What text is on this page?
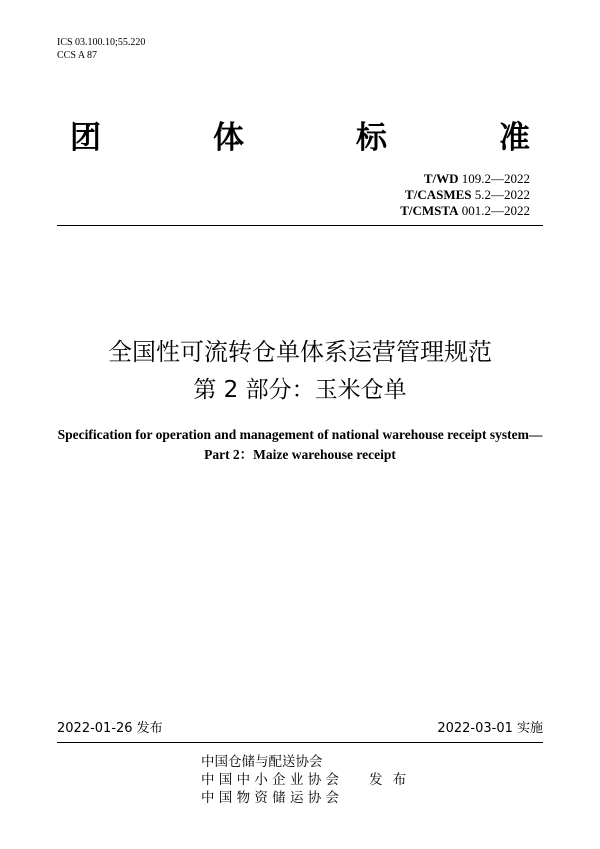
ICS 03.100.10;55.220
CCS A 87
团	体	标	准
T/WD 109.2—2022
T/CASMES 5.2—2022
T/CMSTA 001.2—2022
全国性可流转仓单体系运营管理规范
第 2 部分：玉米仓单
Specification for operation and management of national warehouse receipt system—
Part 2：Maize warehouse receipt
2022-01-26 发布	2022-03-01 实施
中国仓储与配送协会
中 国 中 小 企 业 协 会
中 国 物 资 储 运 协 会
发 布
